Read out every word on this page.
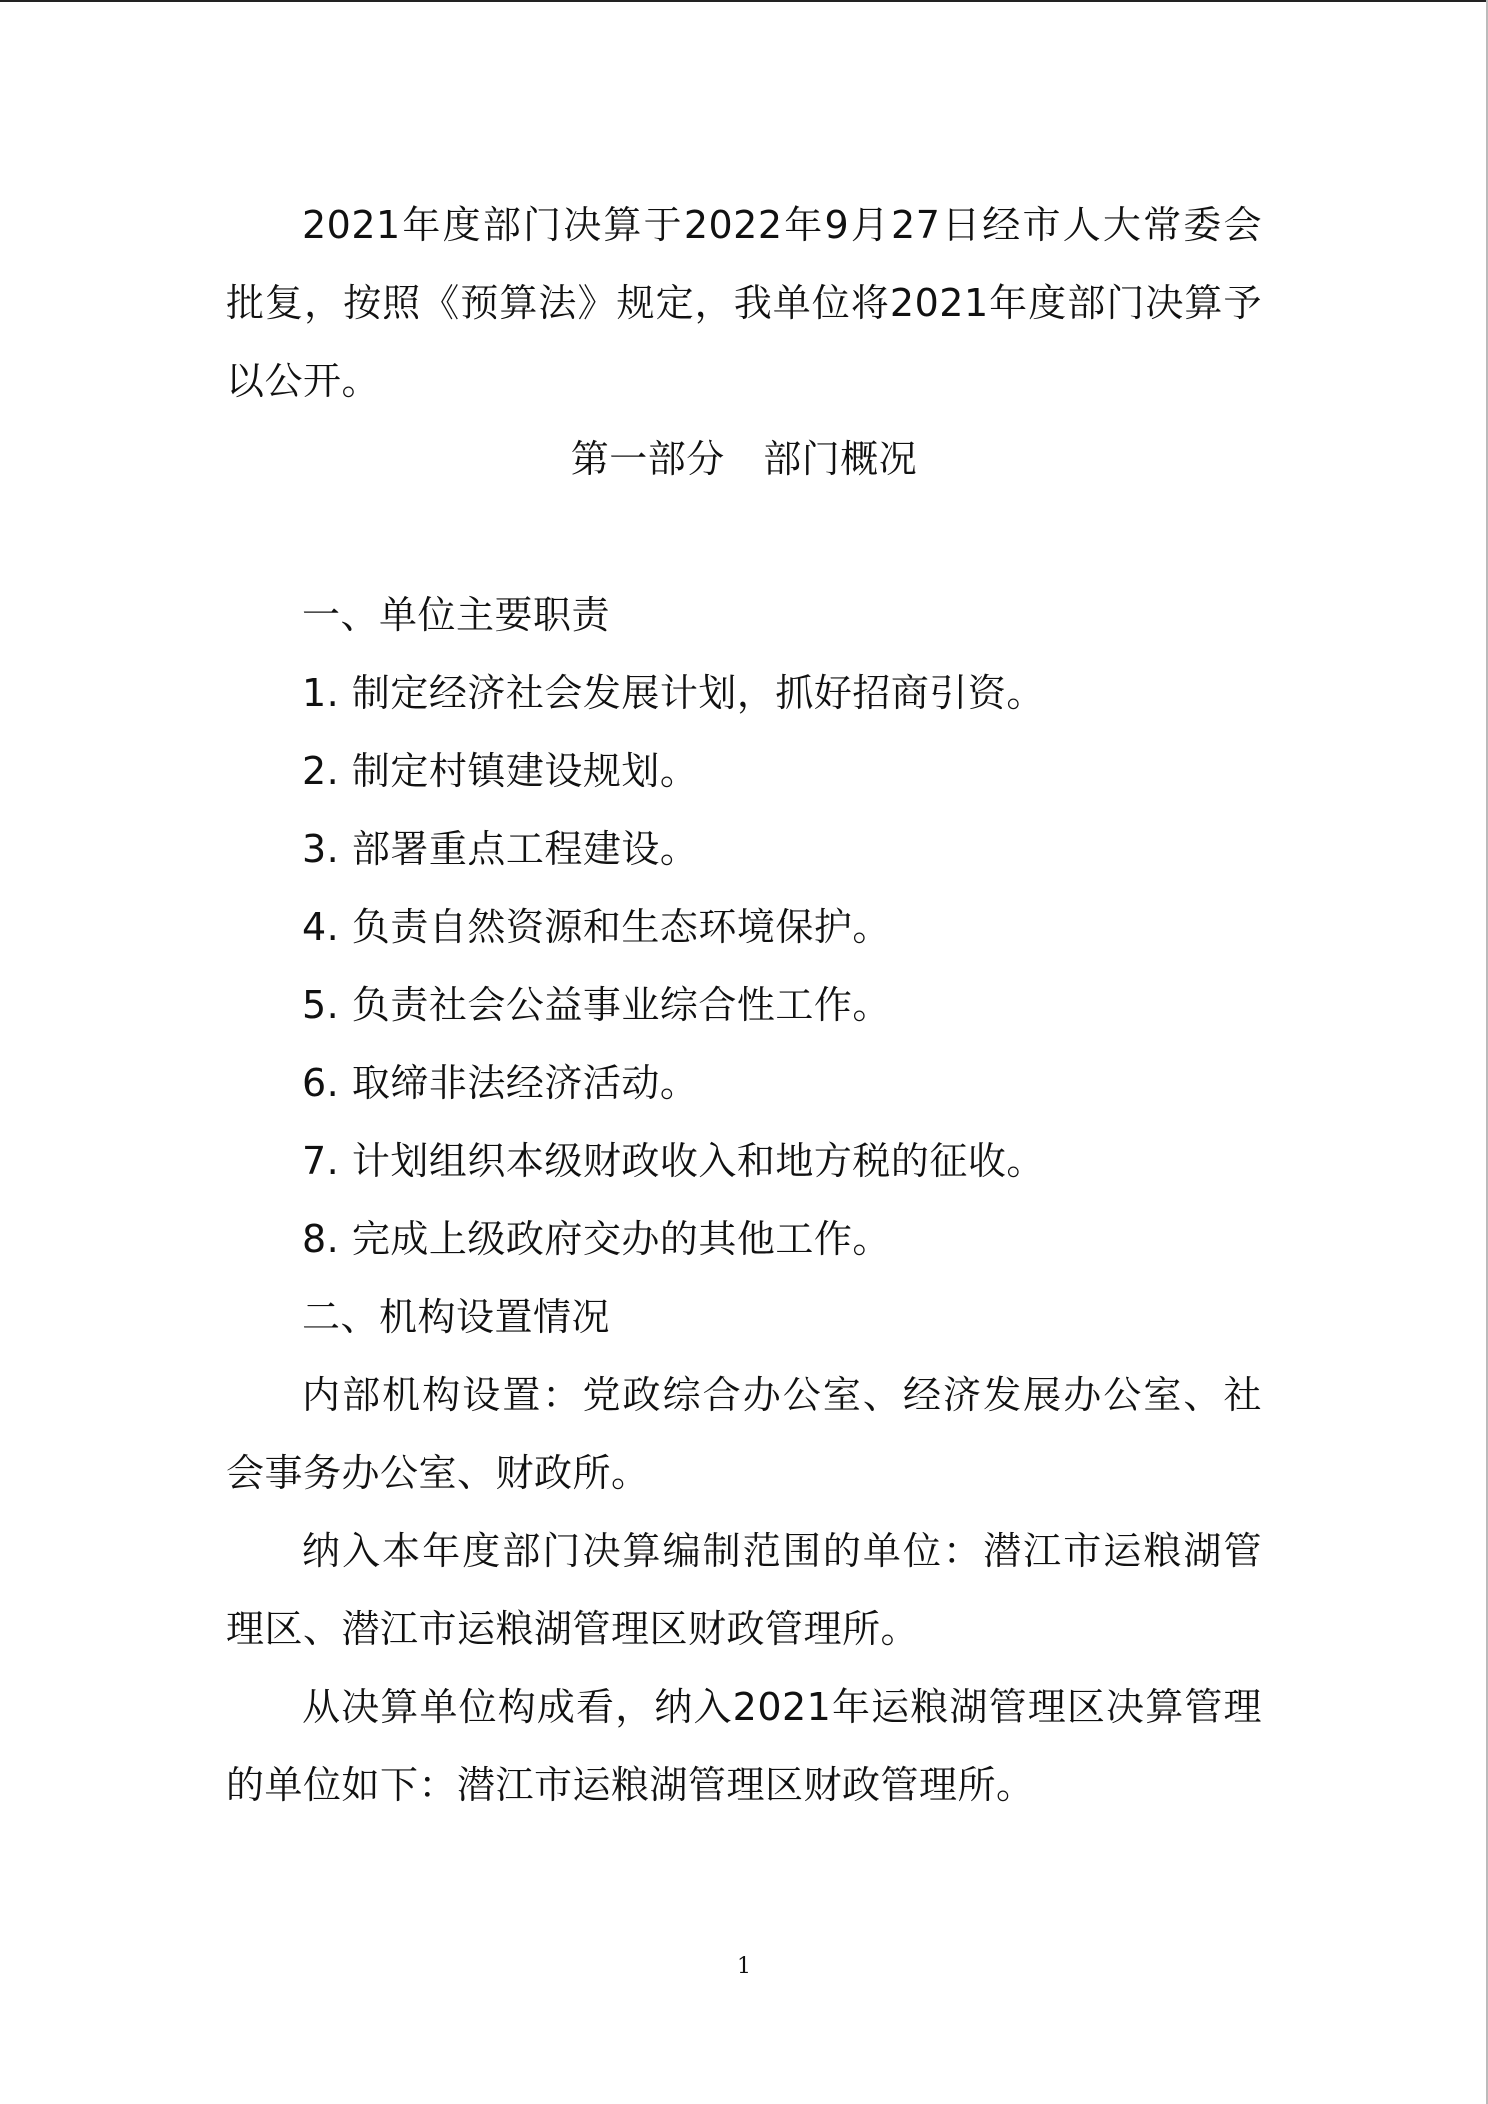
2021年度部门决算于2022年9月27日经市人大常委会批复，按照《预算法》规定，我单位将2021年度部门决算予以公开。

第一部分　部门概况

一、单位主要职责

1. 制定经济社会发展计划，抓好招商引资。

2. 制定村镇建设规划。

3. 部署重点工程建设。

4. 负责自然资源和生态环境保护。

5. 负责社会公益事业综合性工作。

6. 取缔非法经济活动。

7. 计划组织本级财政收入和地方税的征收。

8. 完成上级政府交办的其他工作。

二、机构设置情况

内部机构设置：党政综合办公室、经济发展办公室、社会事务办公室、财政所。

纳入本年度部门决算编制范围的单位：潜江市运粮湖管理区、潜江市运粮湖管理区财政管理所。

从决算单位构成看，纳入2021年运粮湖管理区决算管理的单位如下：潜江市运粮湖管理区财政管理所。

1
